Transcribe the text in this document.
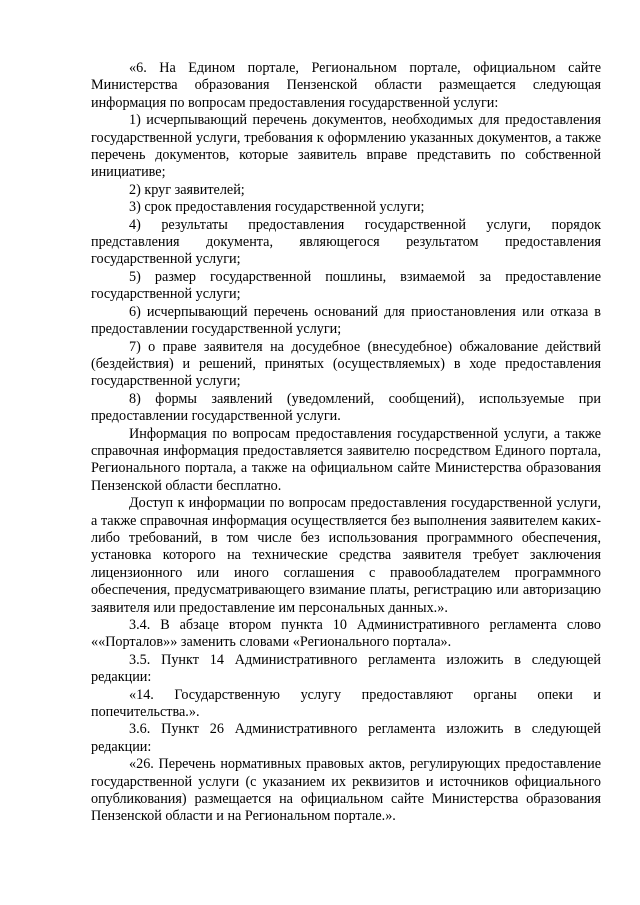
«6. На Едином портале, Региональном портале, официальном сайте Министерства образования Пензенской области размещается следующая информация по вопросам предоставления государственной услуги:

1) исчерпывающий перечень документов, необходимых для предоставления государственной услуги, требования к оформлению указанных документов, а также перечень документов, которые заявитель вправе представить по собственной инициативе;

2) круг заявителей;

3) срок предоставления государственной услуги;

4) результаты предоставления государственной услуги, порядок представления документа, являющегося результатом предоставления государственной услуги;

5) размер государственной пошлины, взимаемой за предоставление государственной услуги;

6) исчерпывающий перечень оснований для приостановления или отказа в предоставлении государственной услуги;

7) о праве заявителя на досудебное (внесудебное) обжалование действий (бездействия) и решений, принятых (осуществляемых) в ходе предоставления государственной услуги;

8) формы заявлений (уведомлений, сообщений), используемые при предоставлении государственной услуги.

Информация по вопросам предоставления государственной услуги, а также справочная информация предоставляется заявителю посредством Единого портала, Регионального портала, а также на официальном сайте Министерства образования Пензенской области бесплатно.

Доступ к информации по вопросам предоставления государственной услуги, а также справочная информация осуществляется без выполнения заявителем каких-либо требований, в том числе без использования программного обеспечения, установка которого на технические средства заявителя требует заключения лицензионного или иного соглашения с правообладателем программного обеспечения, предусматривающего взимание платы, регистрацию или авторизацию заявителя или предоставление им персональных данных.».

3.4. В абзаце втором пункта 10 Административного регламента слово ««Порталов»» заменить словами «Регионального портала».

3.5. Пункт 14 Административного регламента изложить в следующей редакции:

«14. Государственную услугу предоставляют органы опеки и попечительства.».

3.6. Пункт 26 Административного регламента изложить в следующей редакции:

«26. Перечень нормативных правовых актов, регулирующих предоставление государственной услуги (с указанием их реквизитов и источников официального опубликования) размещается на официальном сайте Министерства образования Пензенской области и на Региональном портале.».
